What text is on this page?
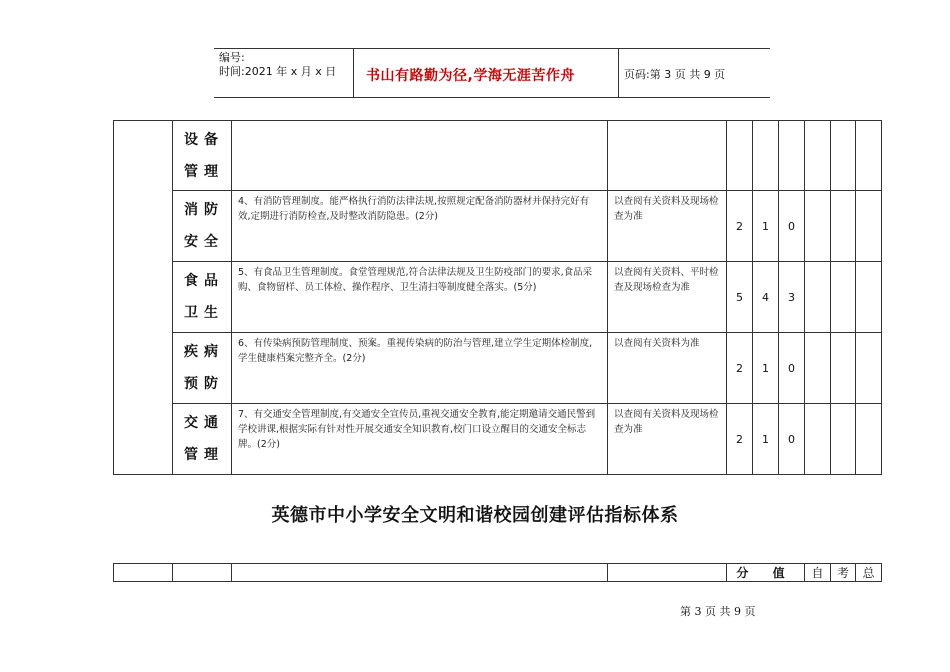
编号:
时间:2021 年 x 月 x 日 书山有路勤为径,学海无涯苦作舟	页码:第 3 页 共 9 页

	设备
管理								

	消防
安全	4、有消防管理制度。能严格执行消防法律法规,按照规定配备消防器材并保持完好有效,定期进行消防检查,及时整改消防隐患。(2分)	以查阅有关资料及现场检查为准	2	1	0			

	食品
卫生	5、有食品卫生管理制度。食堂管理规范,符合法律法规及卫生防疫部门的要求,食品采购、食物留样、员工体检、操作程序、卫生清扫等制度健全落实。(5分)	以查阅有关资料、平时检查及现场检查为准	5	4	3			

	疾病
预防	6、有传染病预防管理制度、预案。重视传染病的防治与管理,建立学生定期体检制度,学生健康档案完整齐全。(2分)	以查阅有关资料为准	2	1	0			

	交通
管理	7、有交通安全管理制度,有交通安全宣传员,重视交通安全教育,能定期邀请交通民警到学校讲课,根据实际有针对性开展交通安全知识教育,校门口设立醒目的交通安全标志牌。(2分)	以查阅有关资料及现场检查为准	2	1	0			
英德市中小学安全文明和谐校园创建评估指标体系
				分 值	自	考	总
第 3 页 共 9 页
